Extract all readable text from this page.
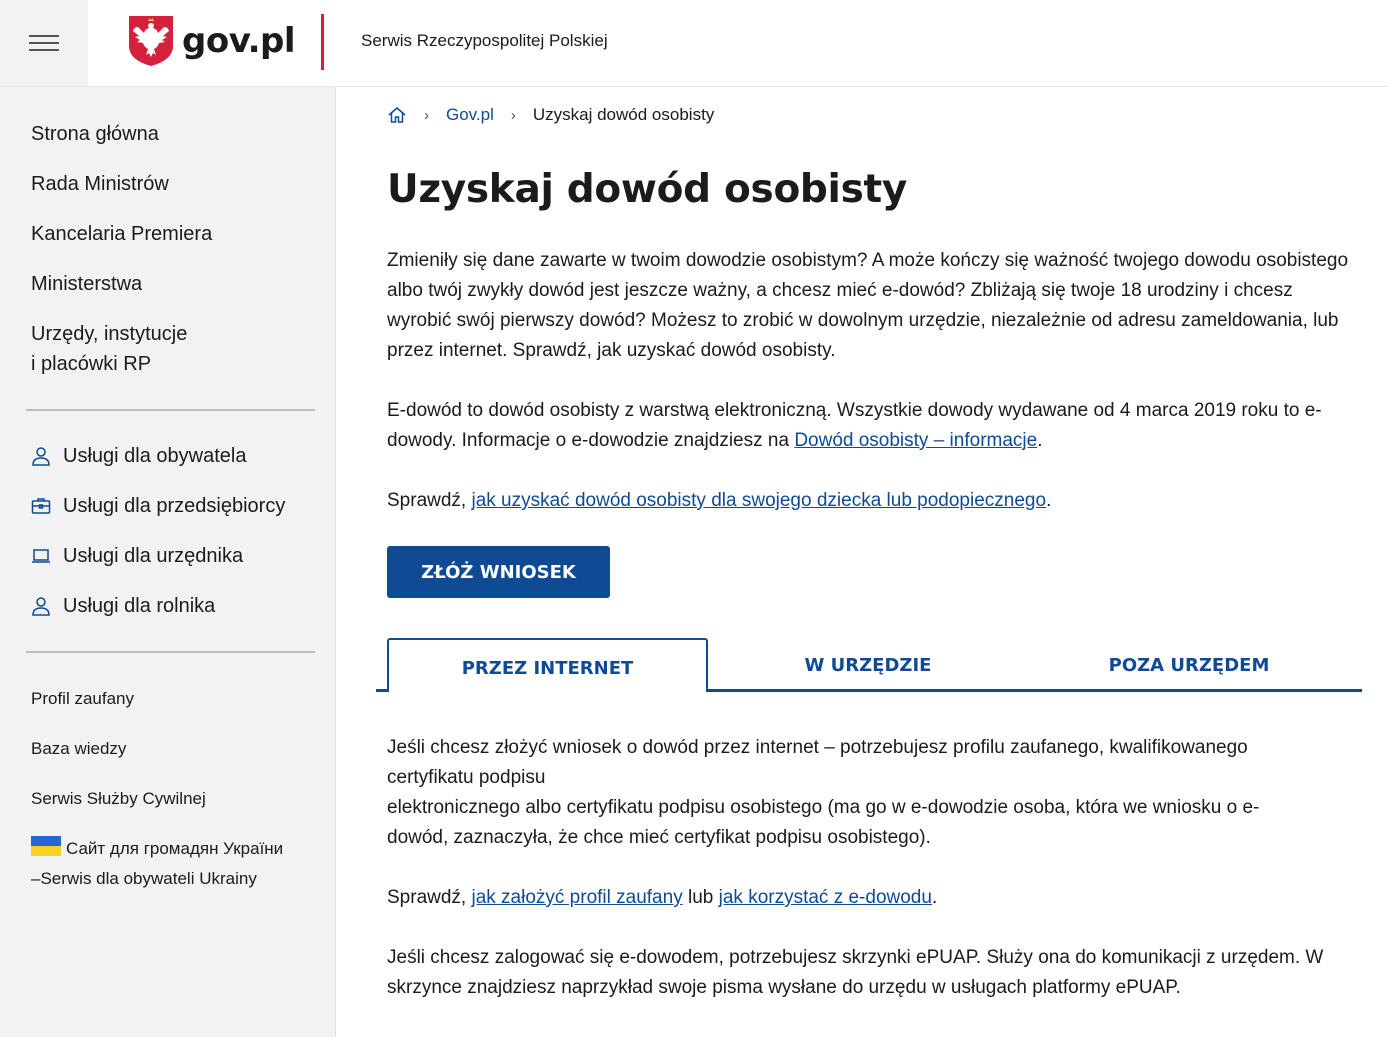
gov.pl	Serwis Rzeczypospolitej Polskiej
Strona główna
Rada Ministrów
Kancelaria Premiera
Ministerstwa
Urzędy, instytucje
i placówki RP
Usługi dla obywatela
Usługi dla przedsiębiorcy
Usługi dla urzędnika
Usługi dla rolnika
Profil zaufany
Baza wiedzy
Serwis Służby Cywilnej
Сайт для громадян України
–Serwis dla obywateli Ukrainy
› Gov.pl › Uzyskaj dowód osobisty
Uzyskaj dowód osobisty

Zmieniły się dane zawarte w twoim dowodzie osobistym? A może kończy się ważność twojego dowodu osobistego albo twój zwykły dowód jest jeszcze ważny, a chcesz mieć e-dowód? Zbliżają się twoje 18 urodziny i chcesz wyrobić swój pierwszy dowód? Możesz to zrobić w dowolnym urzędzie, niezależnie od adresu zameldowania, lub przez internet. Sprawdź, jak uzyskać dowód osobisty.

E-dowód to dowód osobisty z warstwą elektroniczną. Wszystkie dowody wydawane od 4 marca 2019 roku to e-dowody. Informacje o e-dowodzie znajdziesz na Dowód osobisty – informacje.

Sprawdź, jak uzyskać dowód osobisty dla swojego dziecka lub podopiecznego.

ZŁÓŻ WNIOSEK
PRZEZ INTERNET	W URZĘDZIE	POZA URZĘDEM

Jeśli chcesz złożyć wniosek o dowód przez internet – potrzebujesz profilu zaufanego, kwalifikowanego
certyfikatu podpisu
elektronicznego albo certyfikatu podpisu osobistego (ma go w e-dowodzie osoba, która we wniosku o e-
dowód, zaznaczyła, że chce mieć certyfikat podpisu osobistego).

Sprawdź, jak założyć profil zaufany lub jak korzystać z e-dowodu.

Jeśli chcesz zalogować się e-dowodem, potrzebujesz skrzynki ePUAP. Służy ona do komunikacji z urzędem. W skrzynce znajdziesz naprzykład swoje pisma wysłane do urzędu w usługach platformy ePUAP.
